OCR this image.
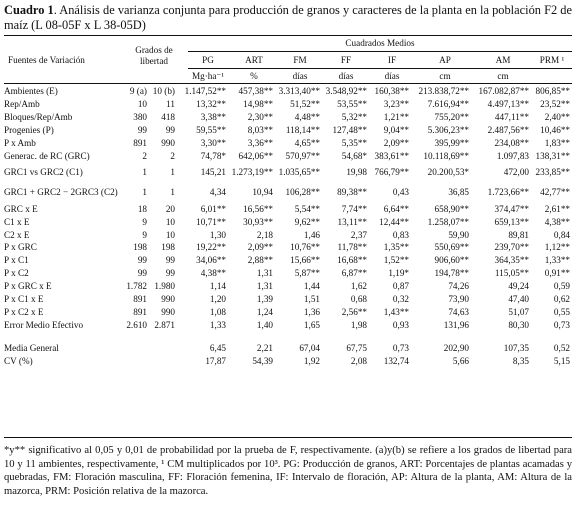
Cuadro 1. Análisis de varianza conjunta para producción de granos y caracteres de la planta en la población F2 de maíz (L 08-05F x L 38-05D)
Cuadrados Medios
Fuentes de Variación
Grados de libertad	PG	ART	FM	FF	IF	AP	AM	PRM ¹
Mg·ha⁻¹	%	días	días	días	cm	cm
Ambientes (E)	9 (a)	10 (b)	1.147,52**	457,38**	3.313,40**	3.548,92**	160,38**	213.838,72**	167.082,87**	806,85**
Rep/Amb	10	11	13,32**	14,98**	51,52**	53,55**	3,23**	7.616,94**	4.497,13**	23,52**
Bloques/Rep/Amb	380	418	3,38**	2,30**	4,48**	5,32**	1,21**	755,20**	447,11**	2,40**
Progenies (P)	99	99	59,55**	8,03**	118,14**	127,48**	9,04**	5.306,23**	2.487,56**	10,46**
P x Amb	891	990	3,30**	3,36**	4,65**	5,35**	2,09**	395,99**	234,08**	1,83**
Generac. de RC (GRC)	2	2	74,78*	642,06**	570,97**	54,68*	383,61**	10.118,69**	1.097,83	138,31**
GRC1 vs GRC2 (C1)	1	1	145,21	1.273,19**	1.035,65**	19,98	766,79**	20.200,53*	472,00	233,85**
GRC1 + GRC2 − 2GRC3 (C2)	1	1	4,34	10,94	106,28**	89,38**	0,43	36,85	1.723,66**	42,77**
GRC x E	18	20	6,01**	16,56**	5,54**	7,74**	6,64**	658,90**	374,47**	2,61**
C1 x E	9	10	10,71**	30,93**	9,62**	13,11**	12,44**	1.258,07**	659,13**	4,38**
C2 x E	9	10	1,30	2,18	1,46	2,37	0,83	59,90	89,81	0,84
P x GRC	198	198	19,22**	2,09**	10,76**	11,78**	1,35**	550,69**	239,70**	1,12**
P x C1	99	99	34,06**	2,88**	15,66**	16,68**	1,52**	906,60**	364,35**	1,33**
P x C2	99	99	4,38**	1,31	5,87**	6,87**	1,19*	194,78**	115,05**	0,91**
P x GRC x E	1.782	1.980	1,14	1,31	1,44	1,62	0,87	74,26	49,24	0,59
P x C1 x E	891	990	1,20	1,39	1,51	0,68	0,32	73,90	47,40	0,62
P x C2 x E	891	990	1,08	1,24	1,36	2,56**	1,43**	74,63	51,07	0,55
Error Medio Efectivo	2.610	2.871	1,33	1,40	1,65	1,98	0,93	131,96	80,30	0,73

Media General			6,45	2,21	67,04	67,75	0,73	202,90	107,35	0,52
CV (%)			17,87	54,39	1,92	2,08	132,74	5,66	8,35	5,15
*y** significativo al 0,05 y 0,01 de probabilidad por la prueba de F, respectivamente. (a)y(b) se refiere a los grados de libertad para 10 y 11 ambientes, respectivamente, ¹ CM multiplicados por 10³. PG: Producción de granos, ART: Porcentajes de plantas acamadas y quebradas, FM: Floración masculina, FF: Floración femenina, IF: Intervalo de floración, AP: Altura de la planta, AM: Altura de la mazorca, PRM: Posición relativa de la mazorca.
